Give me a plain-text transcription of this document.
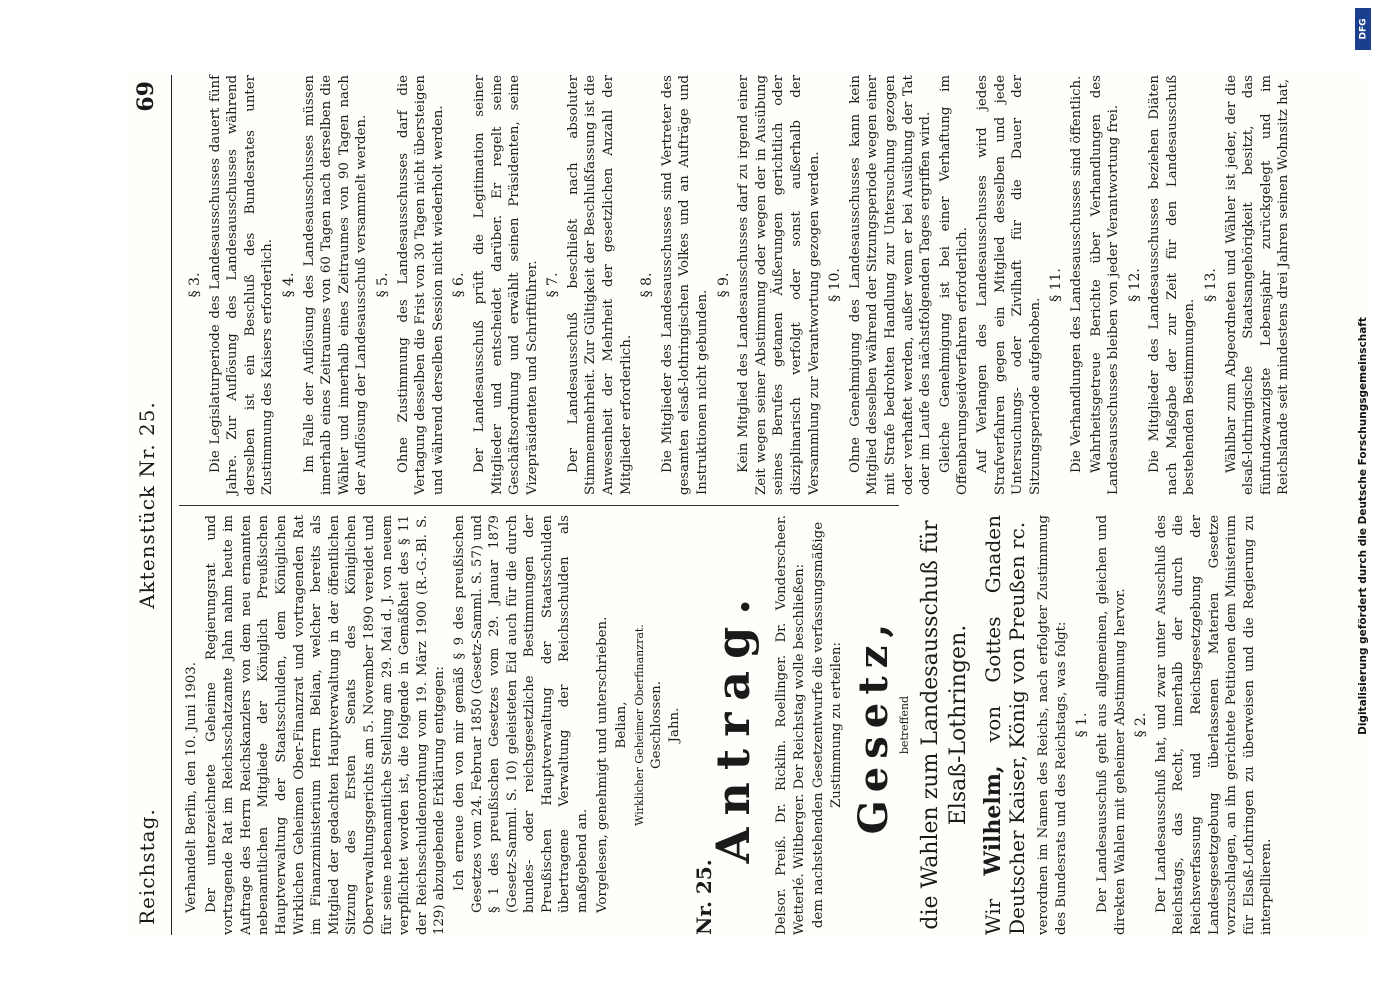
Reichstag.
Aktenstück Nr. 25.
69

Verhandelt Berlin, den 10. Juni 1903. Der unterzeichnete Geheime Regierungsrat und vortragende Rat im Reichsschatzamte Jahn nahm heute im Auftrage des Herrn Reichskanzlers von dem neu ernannten nebenamtlichen Mitgliede der Königlich Preußischen Hauptverwaltung der Staatsschulden, dem Königlichen Wirklichen Geheimen Ober-Finanzrat und vortragenden Rat im Finanzministerium Herrn Belian, welcher bereits als Mitglied der gedachten Hauptverwaltung in der öffentlichen Sitzung des Ersten Senats des Königlichen Oberverwaltungsgerichts am 5. November 1890 vereidet und für seine nebenamtliche Stellung am 29. Mai d. J. von neuem verpflichtet worden ist, die folgende in Gemäßheit des § 11 der Reichsschuldenordnung vom 19. März 1900 (R.-G.-Bl. S. 129) abzugebende Erklärung entgegen: Ich erneue den von mir gemäß § 9 des preußischen Gesetzes vom 24. Februar 1850 (Gesetz-Samml. S. 57) und § 1 des preußischen Gesetzes vom 29. Januar 1879 (Gesetz-Samml. S. 10) geleisteten Eid auch für die durch bundes- oder reichsgesetzliche Bestimmungen der Preußischen Hauptverwaltung der Staatsschulden übertragene Verwaltung der Reichsschulden als maßgebend an. Vorgelesen, genehmigt und unterschrieben. Belian, Wirklicher Geheimer Oberfinanzrat. Geschlossen. Jahn.
Nr. 25.
Antrag. Delsor. Preiß. Dr. Ricklin. Roellinger. Dr. Vonderscheer. Wetterlé. Wiltberger. Der Reichstag wolle beschließen: dem nachstehenden Gesetzentwurfe die verfassungsmäßige Zustimmung zu erteilen: Gesetz, betreffend die Wahlen zum Landesausschuß für Elsaß-Lothringen.
Wir Wilhelm, von Gottes Gnaden Deutscher Kaiser, König von Preußen rc. verordnen im Namen des Reichs, nach erfolgter Zustimmung des Bundesrats und des Reichstags, was folgt: § 1. Der Landesausschuß geht aus allgemeinen, gleichen und direkten Wahlen mit geheimer Abstimmung hervor. § 2. Der Landesausschuß hat, und zwar unter Ausschluß des Reichstags, das Recht, innerhalb der durch die Reichsverfassung und Reichsgesetzgebung der Landesgesetzgebung überlassenen Materien Gesetze vorzuschlagen, an ihn gerichtete Petitionen dem Ministerium für Elsaß-Lothringen zu überweisen und die Regierung zu interpellieren.

§ 3. Die Legislaturperiode des Landesausschusses dauert fünf Jahre. Zur Auflösung des Landesausschusses während derselben ist ein Beschluß des Bundesrates unter Zustimmung des Kaisers erforderlich. § 4. Im Falle der Auflösung des Landesausschusses müssen innerhalb eines Zeitraumes von 60 Tagen nach derselben die Wähler und innerhalb eines Zeitraumes von 90 Tagen nach der Auflösung der Landesausschuß versammelt werden. § 5. Ohne Zustimmung des Landesausschusses darf die Vertagung desselben die Frist von 30 Tagen nicht übersteigen und während derselben Session nicht wiederholt werden. § 6. Der Landesausschuß prüft die Legitimation seiner Mitglieder und entscheidet darüber. Er regelt seine Geschäftsordnung und erwählt seinen Präsidenten, seine Vizepräsidenten und Schriftführer. § 7. Der Landesausschuß beschließt nach absoluter Stimmenmehrheit. Zur Gültigkeit der Beschlußfassung ist die Anwesenheit der Mehrheit der gesetzlichen Anzahl der Mitglieder erforderlich.

§ 8. Die Mitglieder des Landesausschusses sind Vertreter des gesamten elsaß-lothringischen Volkes und an Aufträge und Instruktionen nicht gebunden.

§ 9. Kein Mitglied des Landesausschusses darf zu irgend einer Zeit wegen seiner Abstimmung oder wegen der in Ausübung seines Berufes getanen Äußerungen gerichtlich oder disziplinarisch verfolgt oder sonst außerhalb der Versammlung zur Verantwortung gezogen werden. § 10. Ohne Genehmigung des Landesausschusses kann kein Mitglied desselben während der Sitzungsperiode wegen einer mit Strafe bedrohten Handlung zur Untersuchung gezogen oder verhaftet werden, außer wenn er bei Ausübung der Tat oder im Laufe des nächstfolgenden Tages ergriffen wird. Gleiche Genehmigung ist bei einer Verhaftung im Offenbarungseidverfahren erforderlich. Auf Verlangen des Landesausschusses wird jedes Strafverfahren gegen ein Mitglied desselben und jede Untersuchungs- oder Zivilhaft für die Dauer der Sitzungsperiode aufgehoben.

§ 11. Die Verhandlungen des Landesausschusses sind öffentlich. Wahrheitsgetreue Berichte über Verhandlungen des Landesausschusses bleiben von jeder Verantwortung frei. § 12. Die Mitglieder des Landesausschusses beziehen Diäten nach Maßgabe der zur Zeit für den Landesausschuß bestehenden Bestimmungen.

§ 13. Wählbar zum Abgeordneten und Wähler ist jeder, der die elsaß-lothringische Staatsangehörigkeit besitzt, das fünfundzwanzigste Lebensjahr zurückgelegt und im Reichslande seit mindestens drei Jahren seinen Wohnsitz hat,

DFG
Digitalisierung gefördert durch die Deutsche Forschungsgemeinschaft
